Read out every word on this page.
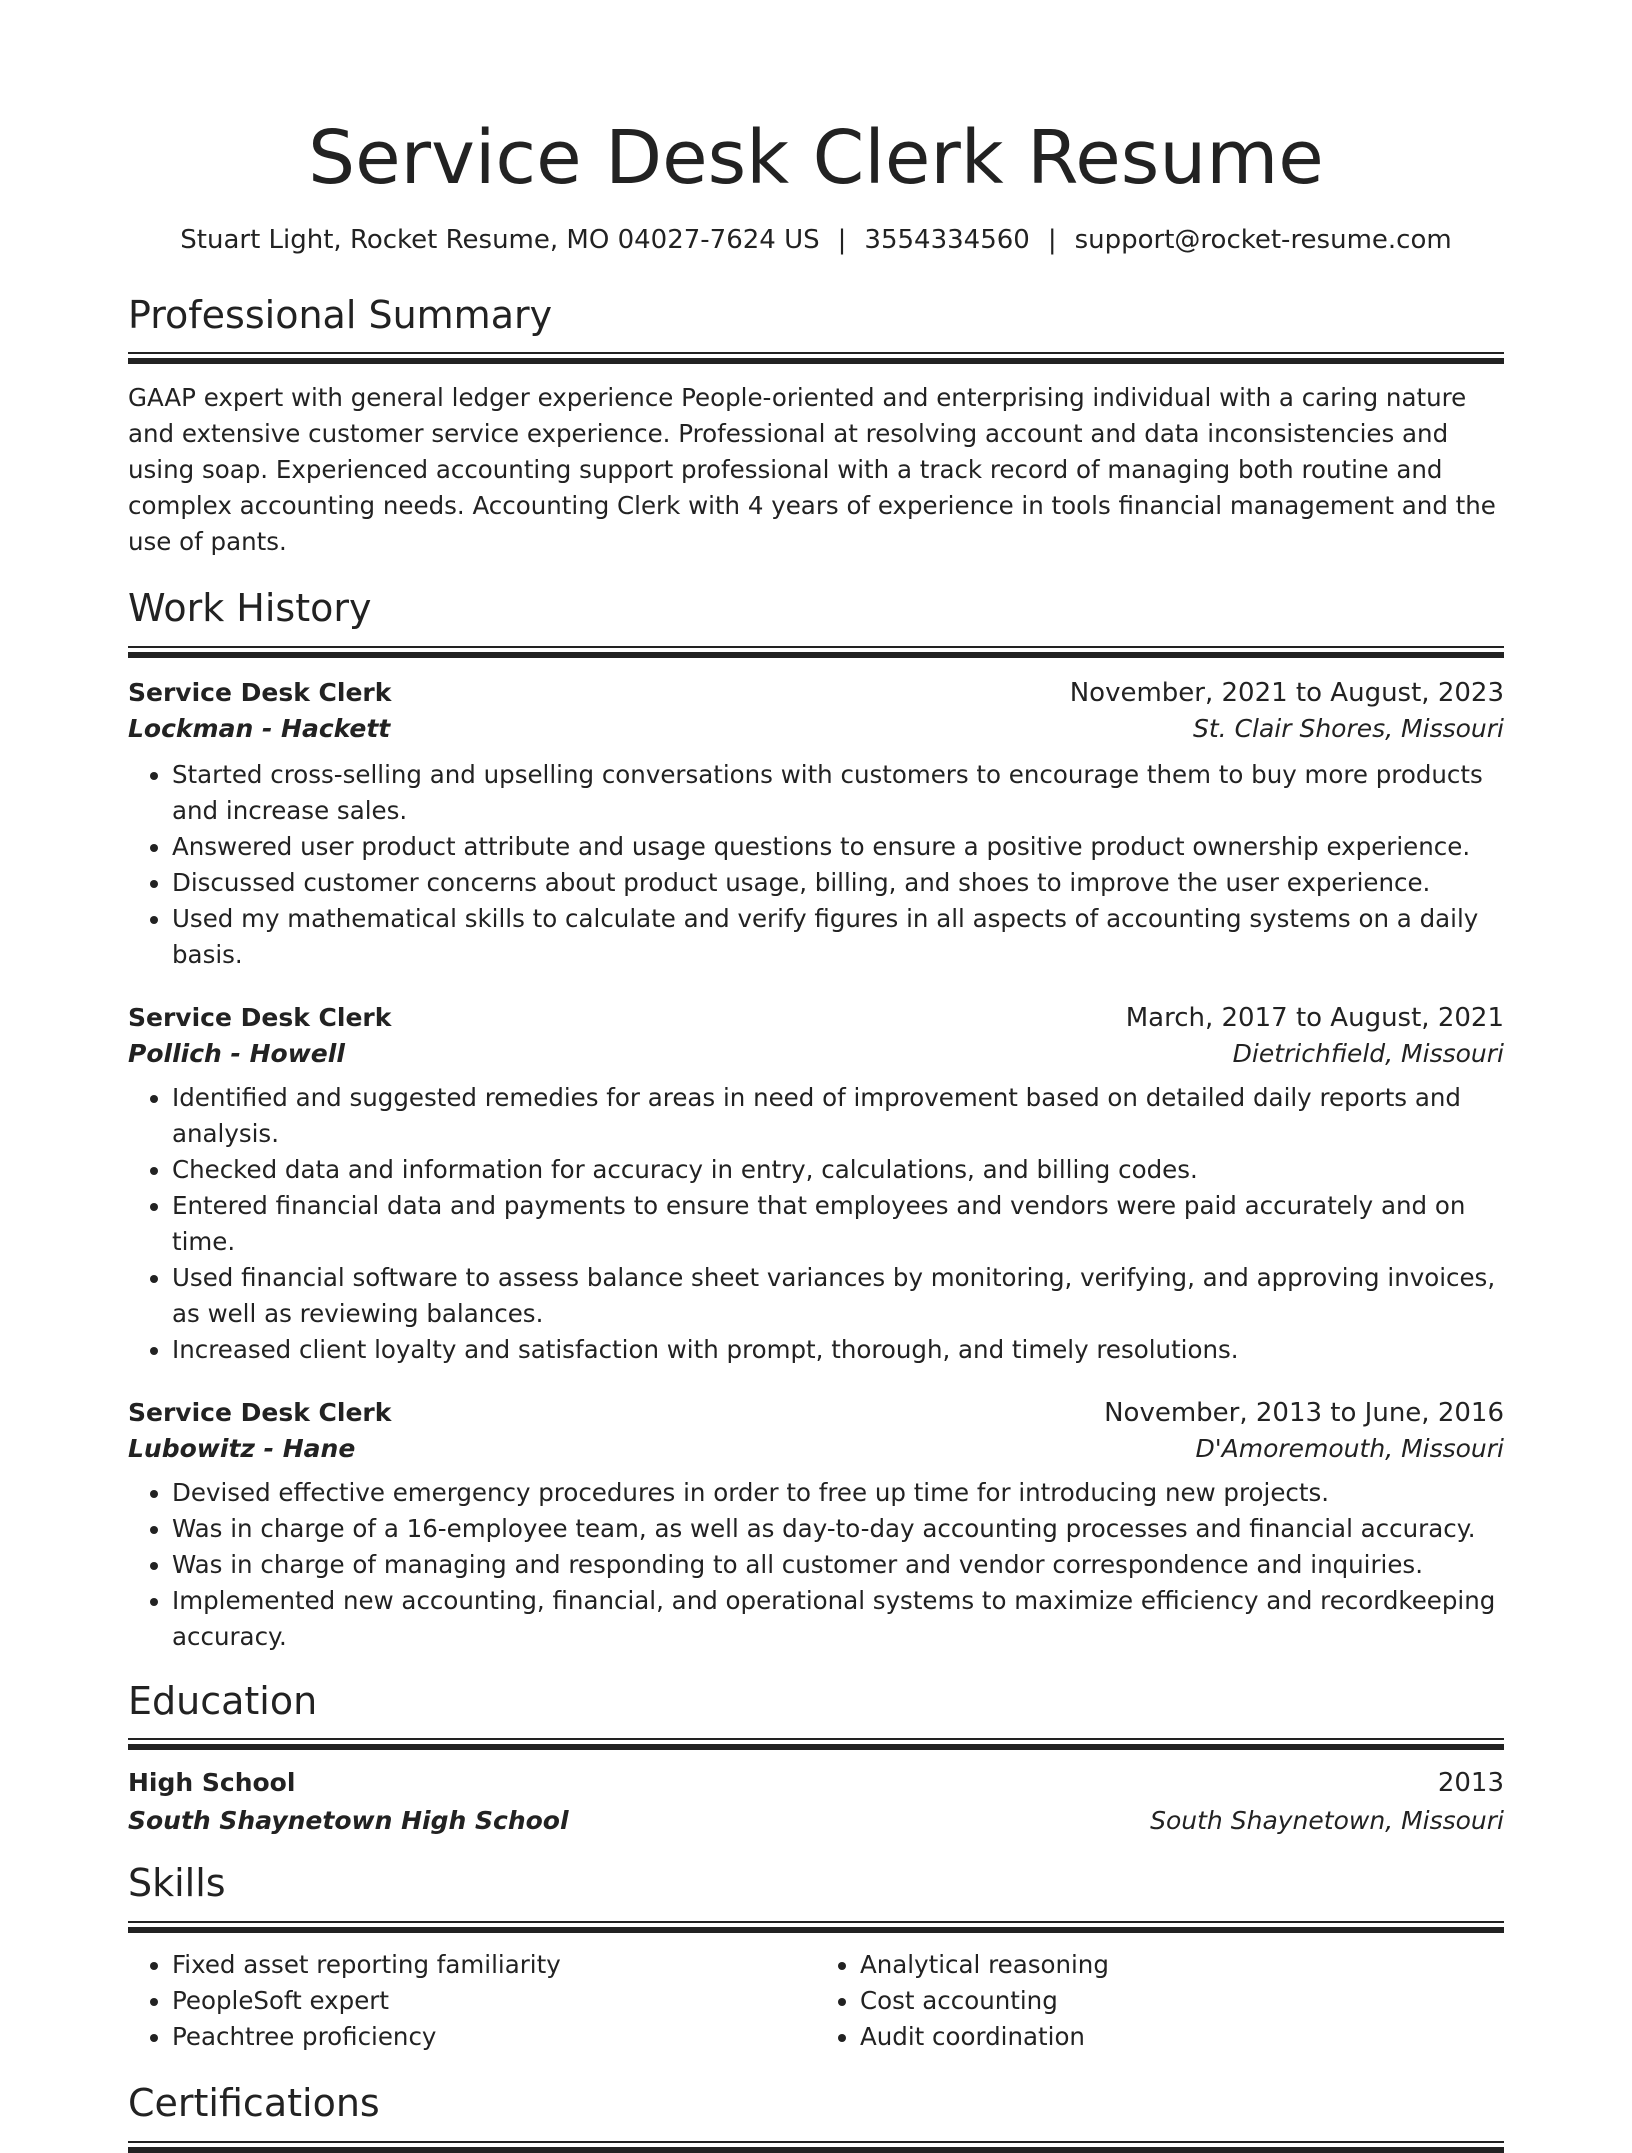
Service Desk Clerk Resume
Stuart Light, Rocket Resume, MO 04027-7624 US | 3554334560 | support@rocket-resume.com
Professional Summary
GAAP expert with general ledger experience People-oriented and enterprising individual with a caring nature and extensive customer service experience. Professional at resolving account and data inconsistencies and using soap. Experienced accounting support professional with a track record of managing both routine and complex accounting needs. Accounting Clerk with 4 years of experience in tools financial management and the use of pants.
Work History
Service Desk Clerk	November, 2021 to August, 2023
Lockman - Hackett	St. Clair Shores, Missouri
• Started cross-selling and upselling conversations with customers to encourage them to buy more products and increase sales.
• Answered user product attribute and usage questions to ensure a positive product ownership experience.
• Discussed customer concerns about product usage, billing, and shoes to improve the user experience.
• Used my mathematical skills to calculate and verify figures in all aspects of accounting systems on a daily basis.
Service Desk Clerk	March, 2017 to August, 2021
Pollich - Howell	Dietrichfield, Missouri
• Identified and suggested remedies for areas in need of improvement based on detailed daily reports and analysis.
• Checked data and information for accuracy in entry, calculations, and billing codes.
• Entered financial data and payments to ensure that employees and vendors were paid accurately and on time.
• Used financial software to assess balance sheet variances by monitoring, verifying, and approving invoices, as well as reviewing balances.
• Increased client loyalty and satisfaction with prompt, thorough, and timely resolutions.
Service Desk Clerk	November, 2013 to June, 2016
Lubowitz - Hane	D'Amoremouth, Missouri
• Devised effective emergency procedures in order to free up time for introducing new projects.
• Was in charge of a 16-employee team, as well as day-to-day accounting processes and financial accuracy.
• Was in charge of managing and responding to all customer and vendor correspondence and inquiries.
• Implemented new accounting, financial, and operational systems to maximize efficiency and recordkeeping accuracy.
Education
High School	2013
South Shaynetown High School	South Shaynetown, Missouri
Skills
• Fixed asset reporting familiarity
• PeopleSoft expert
• Peachtree proficiency
• Analytical reasoning
• Cost accounting
• Audit coordination
Certifications
